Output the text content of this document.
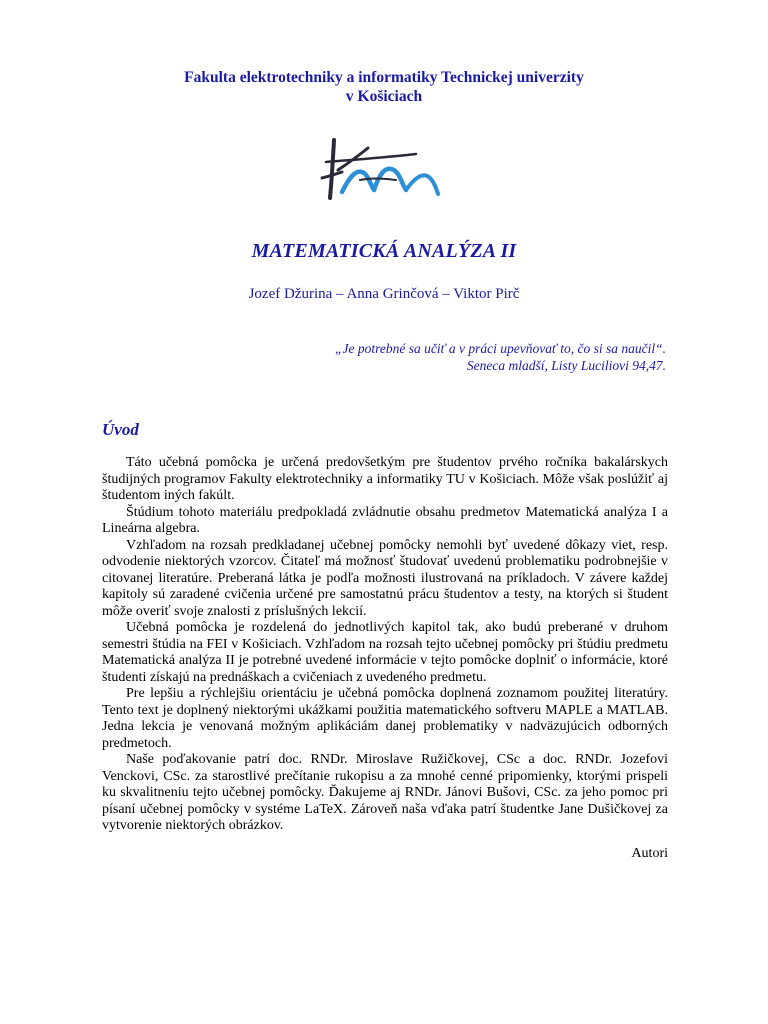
Fakulta elektrotechniky a informatiky Technickej univerzity
v Košiciach
MATEMATICKÁ ANALÝZA II
Jozef Džurina – Anna Grinčová – Viktor Pirč
„Je potrebné sa učiť a v práci upevňovať to, čo si sa naučil“.
Seneca mladší, Listy Luciliovi 94,47.
Úvod

Táto učebná pomôcka je určená predovšetkým pre študentov prvého ročníka bakalárskych študijných programov Fakulty elektrotechniky a informatiky TU v Košiciach. Môže však poslúžiť aj študentom iných fakúlt.

Štúdium tohoto materiálu predpokladá zvládnutie obsahu predmetov Matematická analýza I a Lineárna algebra.

Vzhľadom na rozsah predkladanej učebnej pomôcky nemohli byť uvedené dôkazy viet, resp. odvodenie niektorých vzorcov. Čitateľ má možnosť študovať uvedenú problematiku podrobnejšie v citovanej literatúre. Preberaná látka je podľa možnosti ilustrovaná na príkladoch. V závere každej kapitoly sú zaradené cvičenia určené pre samostatnú prácu študentov a testy, na ktorých si študent môže overiť svoje znalosti z príslušných lekcií.

Učebná pomôcka je rozdelená do jednotlivých kapitol tak, ako budú preberané v druhom semestri štúdia na FEI v Košiciach. Vzhľadom na rozsah tejto učebnej pomôcky pri štúdiu predmetu Matematická analýza II je potrebné uvedené informácie v tejto pomôcke doplniť o informácie, ktoré študenti získajú na prednáškach a cvičeniach z uvedeného predmetu.

Pre lepšiu a rýchlejšiu orientáciu je učebná pomôcka doplnená zoznamom použitej literatúry. Tento text je doplnený niektorými ukážkami použitia matematického softveru MAPLE a MATLAB. Jedna lekcia je venovaná možným aplikáciám danej problematiky v nadväzujúcich odborných predmetoch.

Naše poďakovanie patrí doc. RNDr. Miroslave Ružičkovej, CSc a doc. RNDr. Jozefovi Venckovi, CSc. za starostlivé prečítanie rukopisu a za mnohé cenné pripomienky, ktorými prispeli ku skvalitneniu tejto učebnej pomôcky. Ďakujeme aj RNDr. Jánovi Bušovi, CSc. za jeho pomoc pri písaní učebnej pomôcky v systéme LaTeX. Zároveň naša vďaka patrí študentke Jane Dušičkovej za vytvorenie niektorých obrázkov.

Autori
